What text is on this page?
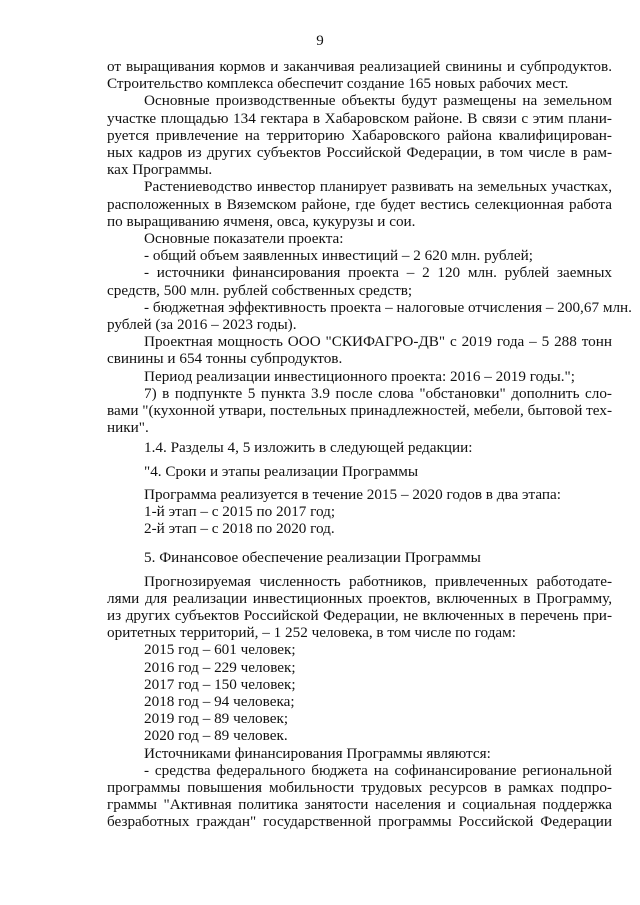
9
от выращивания кормов и заканчивая реализацией свинины и субпродуктов.
Строительство комплекса обеспечит создание 165 новых рабочих мест.
Основные производственные объекты будут размещены на земельном
участке площадью 134 гектара в Хабаровском районе. В связи с этим плани-
руется привлечение на территорию Хабаровского района квалифицирован-
ных кадров из других субъектов Российской Федерации, в том числе в рам-
ках Программы.
Растениеводство инвестор планирует развивать на земельных участках,
расположенных в Вяземском районе, где будет вестись селекционная работа
по выращиванию ячменя, овса, кукурузы и сои.
Основные показатели проекта:
- общий объем заявленных инвестиций – 2 620 млн. рублей;
- источники финансирования проекта – 2 120 млн. рублей заемных
средств, 500 млн. рублей собственных средств;
- бюджетная эффективность проекта – налоговые отчисления – 200,67 млн.
рублей (за 2016 – 2023 годы).
Проектная мощность ООО "СКИФАГРО-ДВ" с 2019 года – 5 288 тонн
свинины и 654 тонны субпродуктов.
Период реализации инвестиционного проекта: 2016 – 2019 годы.";
7) в подпункте 5 пункта 3.9 после слова "обстановки" дополнить сло-
вами "(кухонной утвари, постельных принадлежностей, мебели, бытовой тех-
ники".
1.4. Разделы 4, 5 изложить в следующей редакции:
"4. Сроки и этапы реализации Программы
Программа реализуется в течение 2015 – 2020 годов в два этапа:
1-й этап – с 2015 по 2017 год;
2-й этап – с 2018 по 2020 год.
5. Финансовое обеспечение реализации Программы
Прогнозируемая численность работников, привлеченных работодате-
лями для реализации инвестиционных проектов, включенных в Программу,
из других субъектов Российской Федерации, не включенных в перечень при-
оритетных территорий, – 1 252 человека, в том числе по годам:
2015 год – 601 человек;
2016 год – 229 человек;
2017 год – 150 человек;
2018 год – 94 человека;
2019 год – 89 человек;
2020 год – 89 человек.
Источниками финансирования Программы являются:
- средства федерального бюджета на софинансирование региональной
программы повышения мобильности трудовых ресурсов в рамках подпро-
граммы "Активная политика занятости населения и социальная поддержка
безработных граждан" государственной программы Российской Федерации
